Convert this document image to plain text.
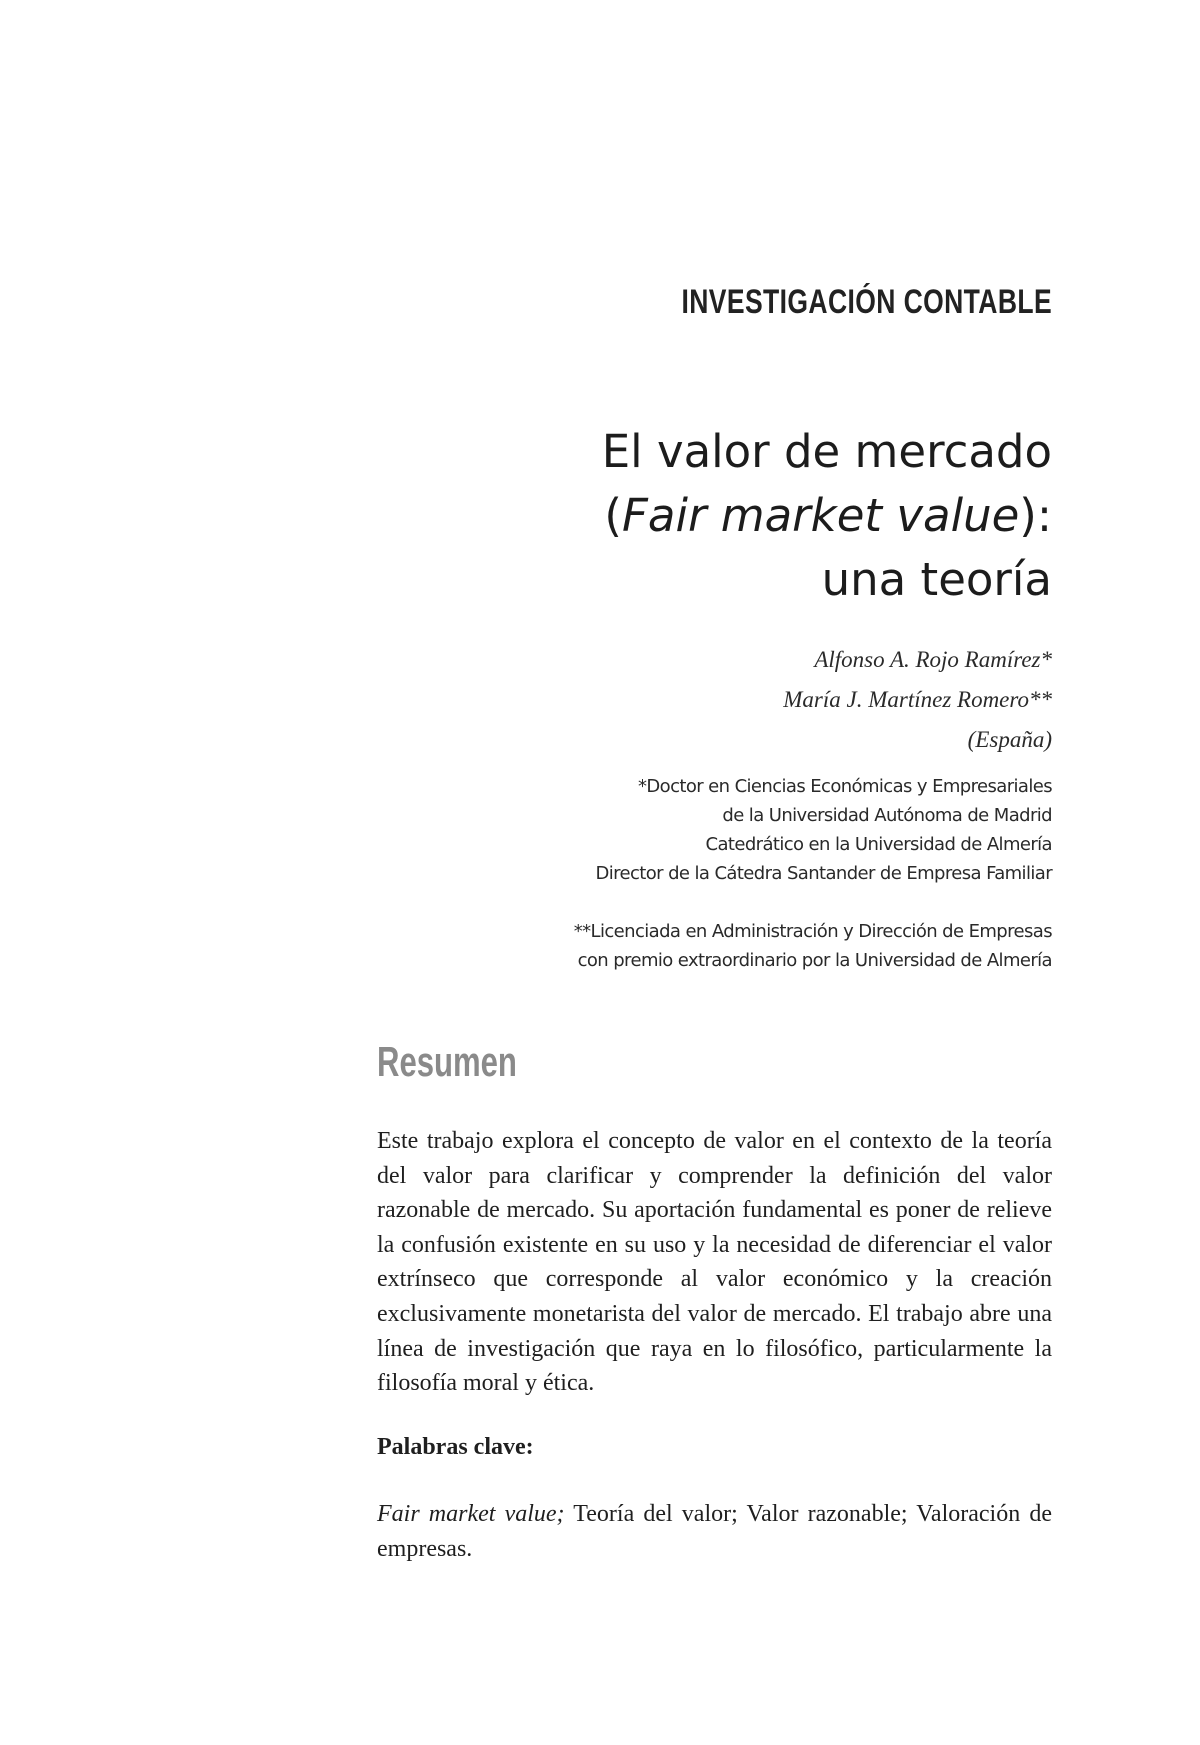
INVESTIGACIÓN CONTABLE
El valor de mercado
(Fair market value):
una teoría
Alfonso A. Rojo Ramírez*
María J. Martínez Romero**
(España)
*Doctor en Ciencias Económicas y Empresariales
de la Universidad Autónoma de Madrid
Catedrático en la Universidad de Almería
Director de la Cátedra Santander de Empresa Familiar
**Licenciada en Administración y Dirección de Empresas
con premio extraordinario por la Universidad de Almería
Resumen
Este trabajo explora el concepto de valor en el contexto de la teoría del valor para clarificar y comprender la definición del valor razonable de mercado. Su aportación fundamental es poner de relieve la confusión existente en su uso y la necesidad de diferenciar el valor extrínseco que corresponde al valor económico y la creación exclusivamente monetarista del valor de mercado. El trabajo abre una línea de investigación que raya en lo filosófico, particularmente la filosofía moral y ética.
Palabras clave:
Fair market value; Teoría del valor; Valor razonable; Valoración de empresas.
